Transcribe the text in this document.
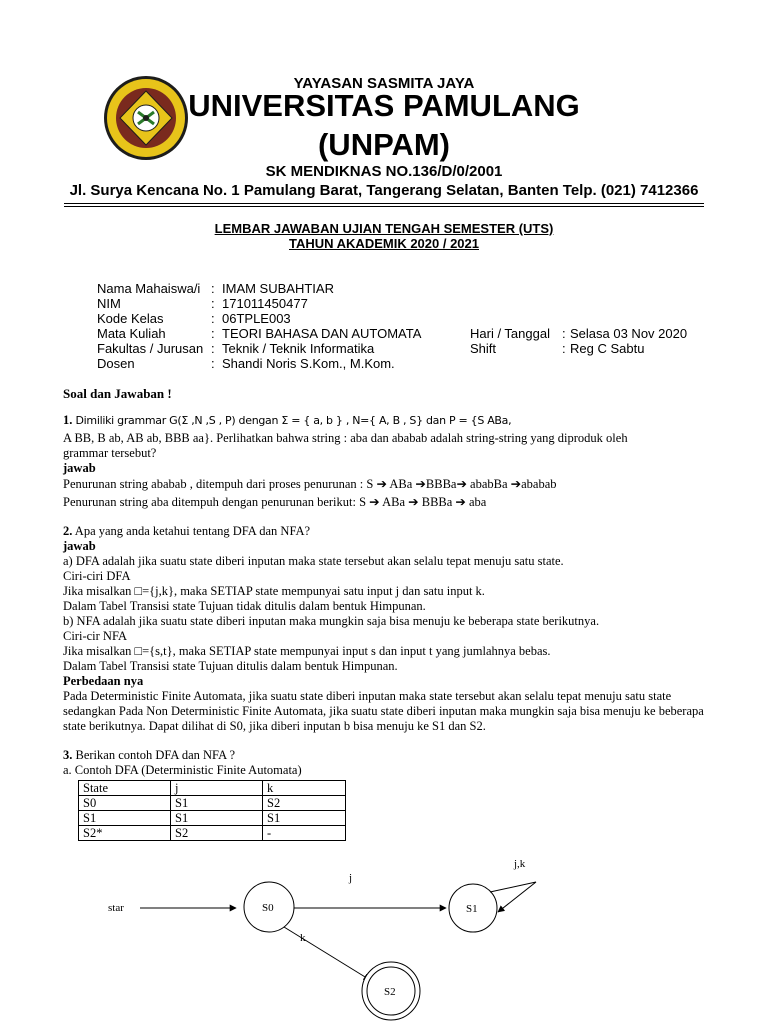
YAYASAN SASMITA JAYA
UNIVERSITAS PAMULANG
(UNPAM)
SK MENDIKNAS NO.136/D/0/2001
Jl. Surya Kencana No. 1 Pamulang Barat, Tangerang Selatan, Banten Telp. (021) 7412366
LEMBAR JAWABAN UJIAN TENGAH SEMESTER (UTS)
TAHUN AKADEMIK 2020 / 2021
Nama Mahaiswa/i : IMAM SUBAHTIAR
NIM	: 171011450477
Kode Kelas	: 06TPLE003
Mata Kuliah	: TEORI BAHASA DAN AUTOMATA
Fakultas / Jurusan : Teknik / Teknik Informatika
Dosen	: Shandi Noris S.Kom., M.Kom.
Hari / Tanggal : Selasa 03 Nov 2020
Shift	: Reg C Sabtu
Soal dan Jawaban !
1. Dimiliki grammar G(Σ ,N ,S , P) dengan Σ = { a, b } , N={ A, B , S} dan P = {S ABa,
A BB, B ab, AB ab, BBB aa}. Perlihatkan bahwa string : aba dan ababab adalah string-string yang diproduk oleh
grammar tersebut?
jawab
Penurunan string ababab , ditempuh dari proses penurunan : S ➔ ABa ➔BBBa➔ ababBa ➔ababab
Penurunan string aba ditempuh dengan penurunan berikut: S ➔ ABa ➔ BBBa ➔ aba
2. Apa yang anda ketahui tentang DFA dan NFA?
jawab
a) DFA adalah jika suatu state diberi inputan maka state tersebut akan selalu tepat menuju satu state.
Ciri-ciri DFA
Jika misalkan □={j,k}, maka SETIAP state mempunyai satu input j dan satu input k.
Dalam Tabel Transisi state Tujuan tidak ditulis dalam bentuk Himpunan.
b) NFA adalah jika suatu state diberi inputan maka mungkin saja bisa menuju ke beberapa state berikutnya.
Ciri-cir NFA
Jika misalkan □={s,t}, maka SETIAP state mempunyai input s dan input t yang jumlahnya bebas.
Dalam Tabel Transisi state Tujuan ditulis dalam bentuk Himpunan.
Perbedaan nya
Pada Deterministic Finite Automata, jika suatu state diberi inputan maka state tersebut akan selalu tepat menuju satu state
sedangkan Pada Non Deterministic Finite Automata, jika suatu state diberi inputan maka mungkin saja bisa menuju ke beberapa
state berikutnya. Dapat dilihat di S0, jika diberi inputan b bisa menuju ke S1 dan S2.
3. Berikan contoh DFA dan NFA ?
a. Contoh DFA (Deterministic Finite Automata)
State	j	k
S0	S1	S2
S1	S1	S1
S2*	S2	-
star	S0
j
S1
j,k
k
S2
